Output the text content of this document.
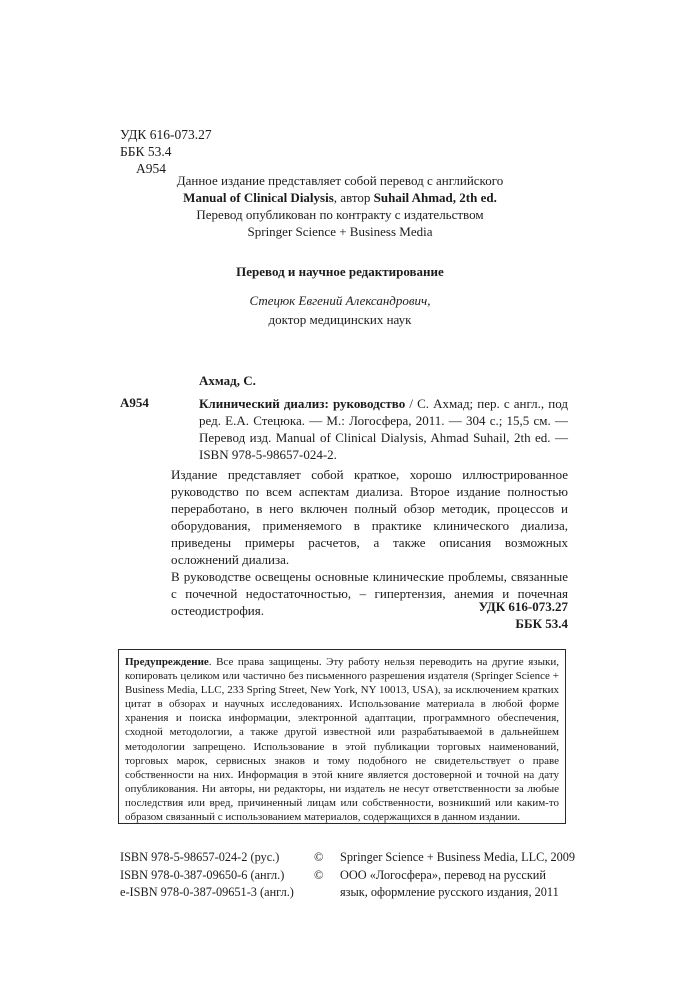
УДК 616-073.27
ББК 53.4
А954
Данное издание представляет собой перевод с английского
Manual of Clinical Dialysis, автор Suhail Ahmad, 2th ed.
Перевод опубликован по контракту с издательством
Springer Science + Business Media
Перевод и научное редактирование
Стецюк Евгений Александрович,
доктор медицинских наук
Ахмад, С.
А954	Клинический диализ: руководство / С. Ахмад; пер. с англ., под ред. Е.А. Стецюка. — М.: Логосфера, 2011. — 304 с.; 15,5 см. — Перевод изд. Manual of Clinical Dialysis, Ahmad Suhail, 2th ed. — ISBN 978-5-98657-024-2.

Издание представляет собой краткое, хорошо иллюстрированное руководство по всем аспектам диализа. Второе издание полностью переработано, в него включен полный обзор методик, процессов и оборудования, применяемого в практике клинического диализа, приведены примеры расчетов, а также описания возможных осложнений диализа.

В руководстве освещены основные клинические проблемы, связанные с почечной недостаточностью, – гипертензия, анемия и почечная остеодистрофия.	УДК 616-073.27
ББК 53.4
Предупреждение. Все права защищены. Эту работу нельзя переводить на другие языки, копировать целиком или частично без письменного разрешения издателя (Springer Science + Business Media, LLC, 233 Spring Street, New York, NY 10013, USA), за исключением кратких цитат в обзорах и научных исследованиях. Использование материала в любой форме хранения и поиска информации, электронной адаптации, программного обеспечения, сходной методологии, а также другой известной или разрабатываемой в дальнейшем методологии запрещено. Использование в этой публикации торговых наименований, торговых марок, сервисных знаков и тому подобного не свидетельствует о праве собственности на них. Информация в этой книге является достоверной и точной на дату опубликования. Ни авторы, ни редакторы, ни издатель не несут ответственности за любые последствия или вред, причиненный лицам или собственности, возникший или каким-то образом связанный с использованием материалов, содержащихся в данном издании.
ISBN 978-5-98657-024-2 (рус.)
ISBN 978-0-387-09650-6 (англ.)
e-ISBN 978-0-387-09651-3 (англ.)
©	Springer Science + Business Media, LLC, 2009
©	ООО «Логосфера», перевод на русский
язык, оформление русского издания, 2011
